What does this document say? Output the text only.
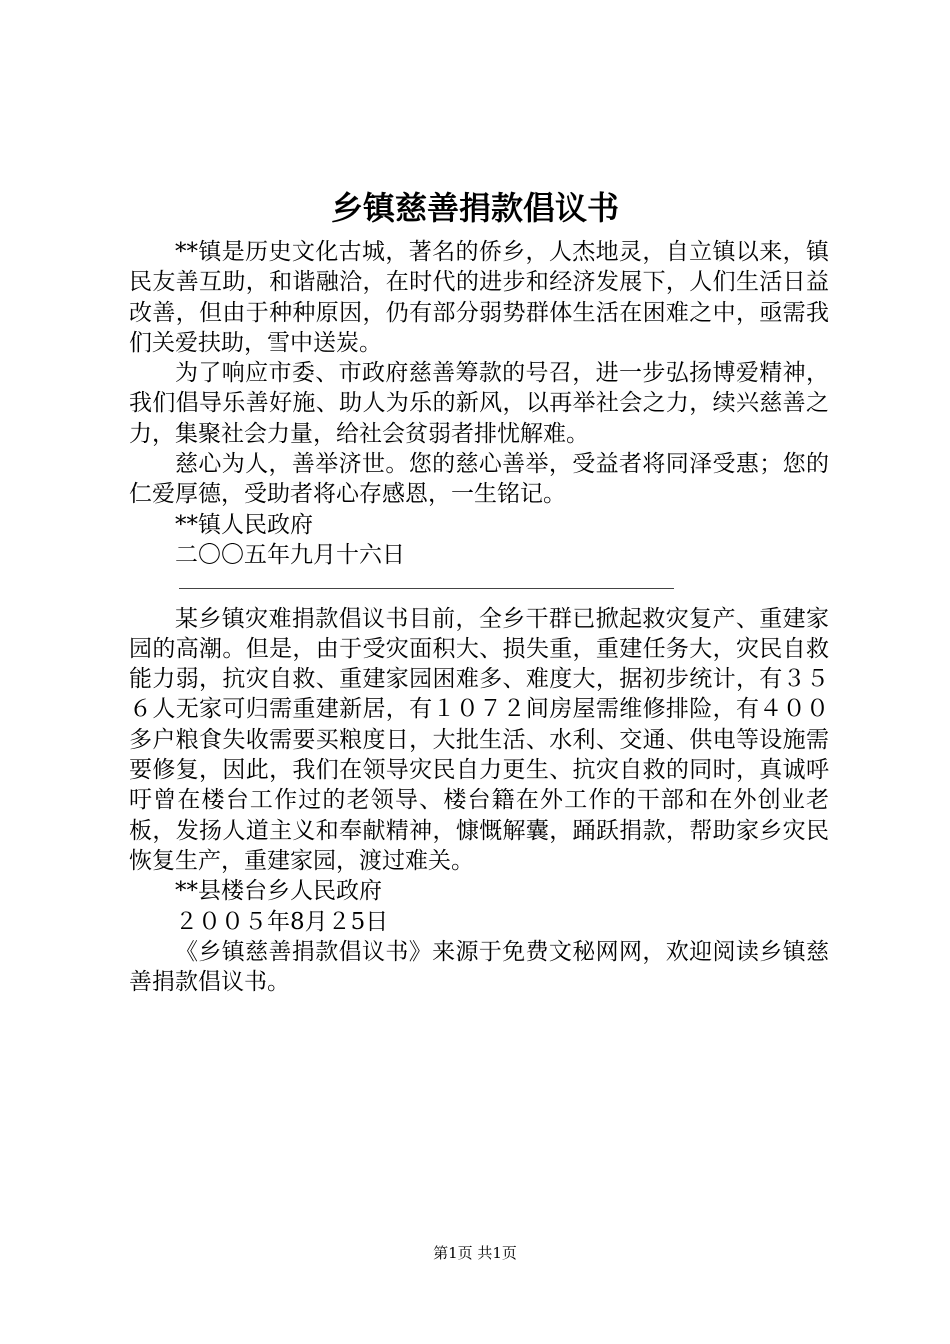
乡镇慈善捐款倡议书

**镇是历史文化古城，著名的侨乡，人杰地灵，自立镇以来，镇民友善互助，和谐融洽，在时代的进步和经济发展下，人们生活日益改善，但由于种种原因，仍有部分弱势群体生活在困难之中，亟需我们关爱扶助，雪中送炭。

为了响应市委、市政府慈善筹款的号召，进一步弘扬博爱精神，我们倡导乐善好施、助人为乐的新风，以再举社会之力，续兴慈善之力，集聚社会力量，给社会贫弱者排忧解难。

慈心为人，善举济世。您的慈心善举，受益者将同泽受惠；您的仁爱厚德，受助者将心存感恩，一生铭记。

**镇人民政府

二〇〇五年九月十六日

某乡镇灾难捐款倡议书目前，全乡干群已掀起救灾复产、重建家园的高潮。但是，由于受灾面积大、损失重，重建任务大，灾民自救能力弱，抗灾自救、重建家园困难多、难度大，据初步统计，有３５６人无家可归需重建新居，有１０７２间房屋需维修排险，有４００多户粮食失收需要买粮度日，大批生活、水利、交通、供电等设施需要修复，因此，我们在领导灾民自力更生、抗灾自救的同时，真诚呼吁曾在楼台工作过的老领导、楼台籍在外工作的干部和在外创业老板，发扬人道主义和奉献精神，慷慨解囊，踊跃捐款，帮助家乡灾民恢复生产，重建家园，渡过难关。

**县楼台乡人民政府

２００５年8月２5日

《乡镇慈善捐款倡议书》来源于免费文秘网网，欢迎阅读乡镇慈善捐款倡议书。

第1页 共1页
